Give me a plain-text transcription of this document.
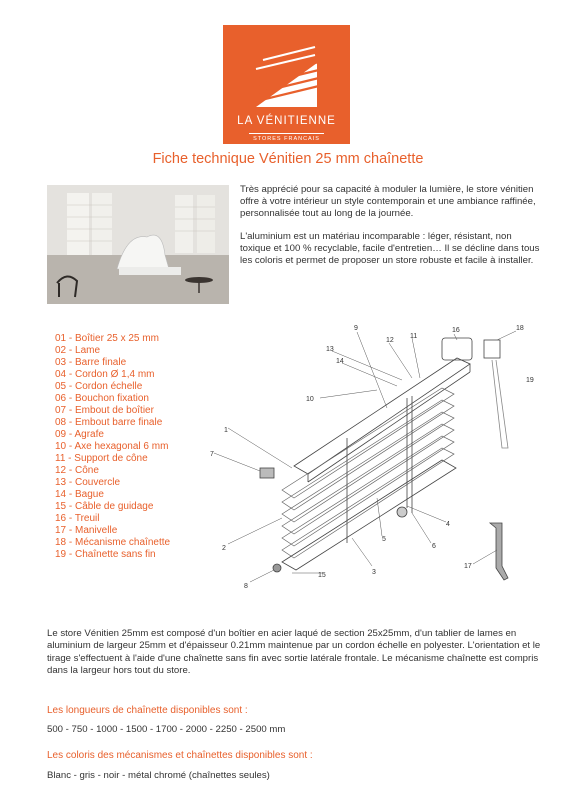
LA VÉNITIENNE
STORES FRANCAIS
Fiche technique Vénitien 25 mm chaînette

Très apprécié pour sa capacité à moduler la lumière, le store vénitien offre à votre intérieur un style contemporain et une ambiance raffinée, personnalisée tout au long de la journée.

L'aluminium est un matériau incomparable : léger, résistant, non toxique et 100 % recyclable, facile d'entretien… Il se décline dans tous les coloris et permet de proposer un store robuste et facile à installer.

01 - Boîtier 25 x 25 mm
02 - Lame
03 - Barre finale
04 - Cordon Ø 1,4 mm
05 - Cordon échelle
06 - Bouchon fixation
07 - Embout de boîtier
08 - Embout barre finale
09 - Agrafe
10 - Axe hexagonal 6 mm
11 - Support de cône
12 - Cône
13 - Couvercle
14 - Bague
15 - Câble de guidage
16 - Treuil
17 - Manivelle
18 - Mécanisme chaînette
19 - Chaînette sans fin
1
2
3
4
5
6
7
8
9
10
11
12
13
14
15
16
17
18
19

Le store Vénitien 25mm est composé d'un boîtier en acier laqué de section 25x25mm, d'un tablier de lames en aluminium de largeur 25mm et d'épaisseur 0.21mm maintenue par un cordon échelle en polyester. L'orientation et le tirage s'effectuent à l'aide d'une chaînette sans fin avec sortie latérale frontale. Le mécanisme chaînette est compris dans la largeur hors tout du store.

Les longueurs de chaînette disponibles sont :

500 - 750 - 1000 - 1500 - 1700 - 2000 - 2250 - 2500 mm

Les coloris des mécanismes et chaînettes disponibles sont :

Blanc - gris - noir - métal chromé (chaînettes seules)
